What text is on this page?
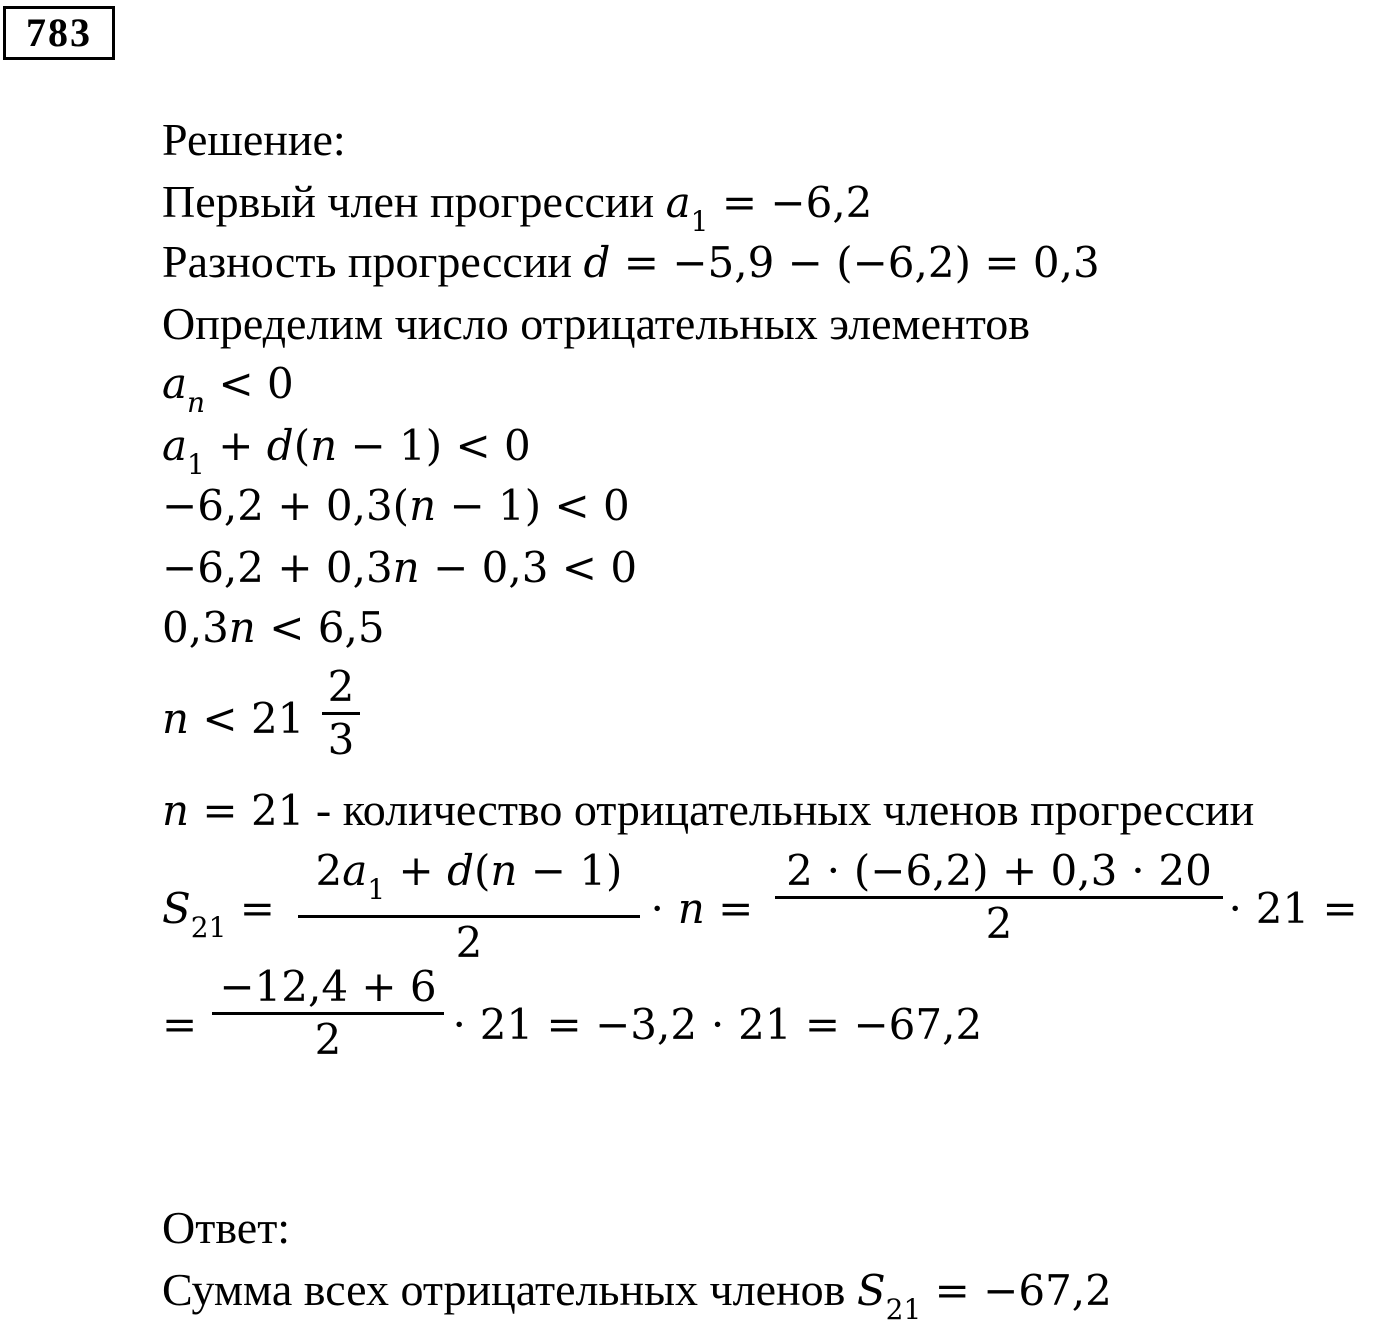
783
Решение:
Первый член прогрессии $a_1 = -6,2$
Разность прогрессии d = −5,9 − (−6,2) = 0,3
Определим число отрицательных элементов
$a_n < 0$
$a_1 + d(n - 1) < 0$
−6,2 + 0,3(n − 1) < 0
−6,2 + 0,3n − 0,3 < 0
0,3n < 6,5
n < 21
2
3
n = 21 - количество отрицательных членов прогрессии
$S_{21}$ =
$2a_1 + d(n - 1)$
2
⋅ n =
2 ⋅ (−6,2) + 0,3 ⋅ 20
2	⋅ 21 =
=
−12,4 + 6
2	⋅ 21 = −3,2 ⋅ 21 = −67,2
Ответ:
Сумма всех отрицательных членов $S_{21} = -67,2$
